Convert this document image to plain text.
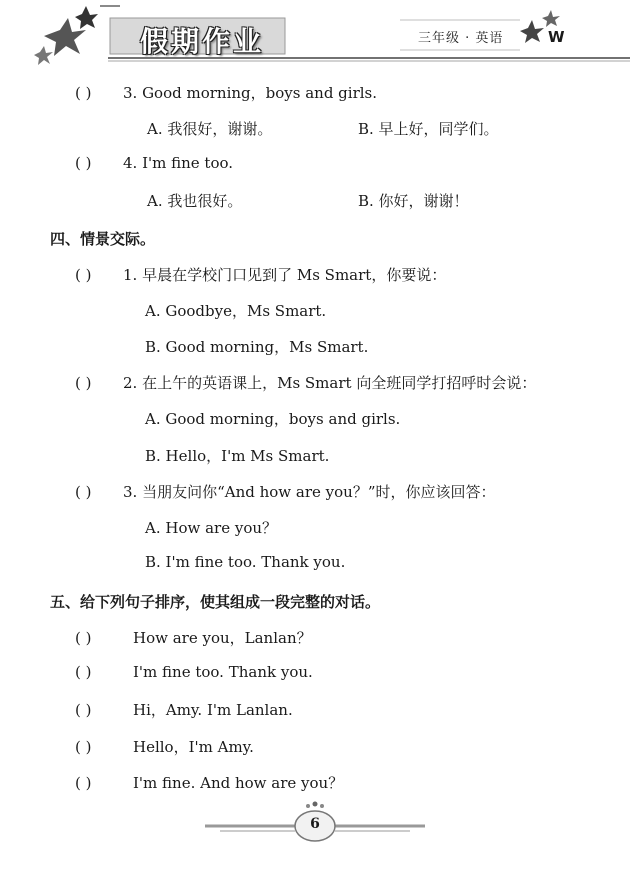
假期作业	三年级 · 英语	W
( ) 3. Good morning，boys and girls.
A. 我很好，谢谢。	B. 早上好，同学们。
( ) 4. I'm fine too.
A. 我也很好。	B. 你好，谢谢！
四、情景交际。
( ) 1. 早晨在学校门口见到了 Ms Smart，你要说：
A. Goodbye，Ms Smart.
B. Good morning，Ms Smart.
( ) 2. 在上午的英语课上，Ms Smart 向全班同学打招呼时会说：
A. Good morning，boys and girls.
B. Hello，I'm Ms Smart.
( ) 3. 当朋友问你“And how are you？”时，你应该回答：
A. How are you？
B. I'm fine too. Thank you.
五、给下列句子排序，使其组成一段完整的对话。
( )	How are you，Lanlan？
( )	I'm fine too. Thank you.
( )	Hi，Amy. I'm Lanlan.
( )	Hello，I'm Amy.
( )	I'm fine. And how are you？
6
